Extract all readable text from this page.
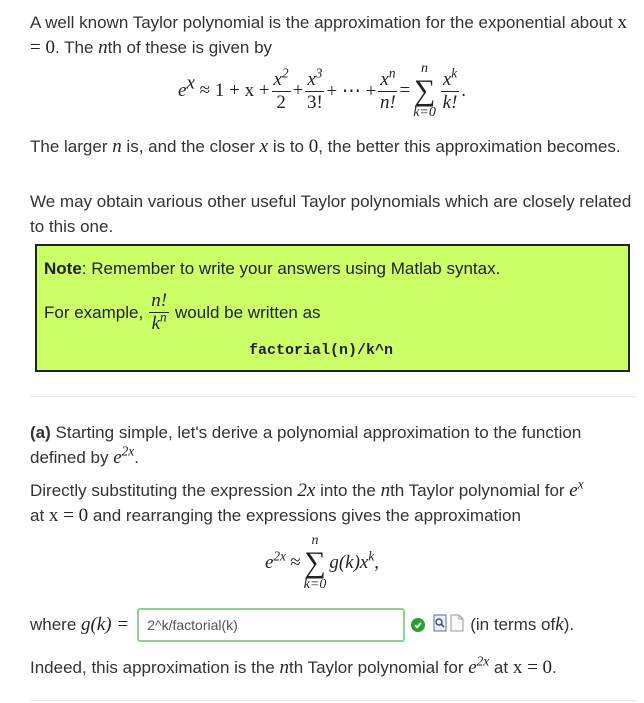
A well known Taylor polynomial is the approximation for the exponential about x = 0. The nth of these is given by

$e^x$
≈ $1 + x + \frac{x^2}{2} + \frac{x^3}{3!}$ + ⋯ + $\frac{x^n}{n!}$ =
n
∑
$k=0 \frac{x^k}{k!}$ .

The larger n is, and the closer x is to 0, the better this approximation becomes.

We may obtain various other useful Taylor polynomials which are closely related to this one.

Note: Remember to write your answers using Matlab syntax.
For example, $\frac{n!}{k^n}$ would be written as
factorial(n)/k^n

(a) Starting simple, let's derive a polynomial approximation to the function defined by $e^{2x}$.

Directly substituting the expression 2x into the nth Taylor polynomial for $e^x$
at x = 0 and rearranging the expressions gives the approximation

$e^{2x}$
≈
n
∑
k=0
$g(k)x^k$ ,
where
g(k) =
2^k/factorial(k)	(in terms of k ).

Indeed, this approximation is the nth Taylor polynomial for $e^{2x}$ at x = 0.
